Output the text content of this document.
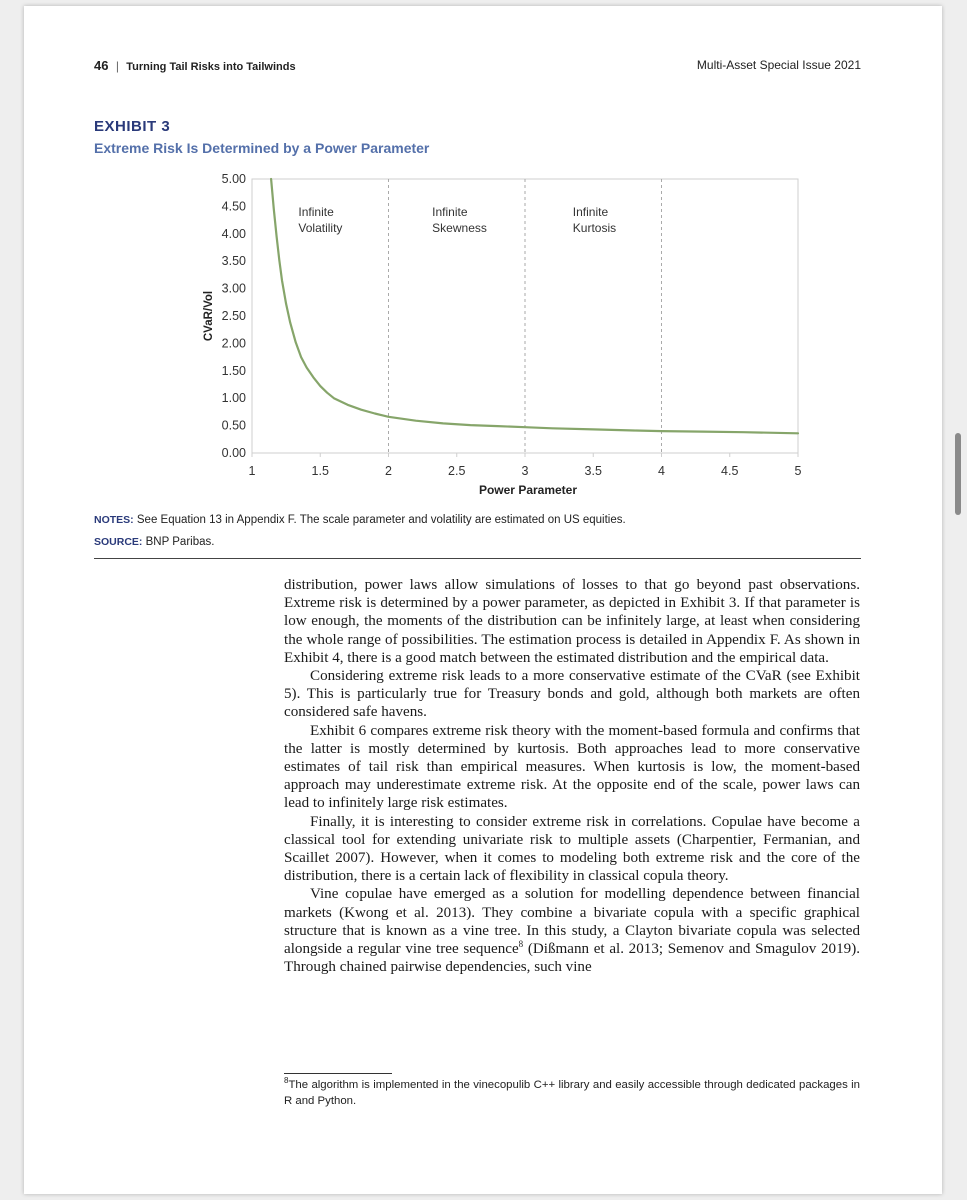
46 | Turning Tail Risks into Tailwinds	Multi-Asset Special Issue 2021
EXHIBIT 3
Extreme Risk Is Determined by a Power Parameter
0.00
0.50
1.00
1.50
2.00
2.50
3.00
3.50
4.00
4.50
5.00
1	1.5	2	2.5	3	3.5	4	4.5	5
Infinite
Volatility
Infinite
Skewness
Infinite
Kurtosis
CVaR/Vol
Power Parameter
NOTES: See Equation 13 in Appendix F. The scale parameter and volatility are estimated on US equities.
SOURCE: BNP Paribas.

distribution, power laws allow simulations of losses to that go beyond past observations. Extreme risk is determined by a power parameter, as depicted in Exhibit 3. If that parameter is low enough, the moments of the distribution can be infinitely large, at least when considering the whole range of possibilities. The estimation process is detailed in Appendix F. As shown in Exhibit 4, there is a good match between the estimated distribution and the empirical data.

Considering extreme risk leads to a more conservative estimate of the CVaR (see Exhibit 5). This is particularly true for Treasury bonds and gold, although both markets are often considered safe havens.

Exhibit 6 compares extreme risk theory with the moment-based formula and confirms that the latter is mostly determined by kurtosis. Both approaches lead to more conservative estimates of tail risk than empirical measures. When kurtosis is low, the moment-based approach may underestimate extreme risk. At the opposite end of the scale, power laws can lead to infinitely large risk estimates.

Finally, it is interesting to consider extreme risk in correlations. Copulae have become a classical tool for extending univariate risk to multiple assets (Charpentier, Fermanian, and Scaillet 2007). However, when it comes to modeling both extreme risk and the core of the distribution, there is a certain lack of flexibility in classical copula theory.

Vine copulae have emerged as a solution for modelling dependence between financial markets (Kwong et al. 2013). They combine a bivariate copula with a specific graphical structure that is known as a vine tree. In this study, a Clayton bivariate copula was selected alongside a regular vine tree sequence$^8$ (Dißmann et al. 2013; Semenov and Smagulov 2019). Through chained pairwise dependencies, such vine

$^8$The algorithm is implemented in the vinecopulib C++ library and easily accessible through dedicated packages in R and Python.
